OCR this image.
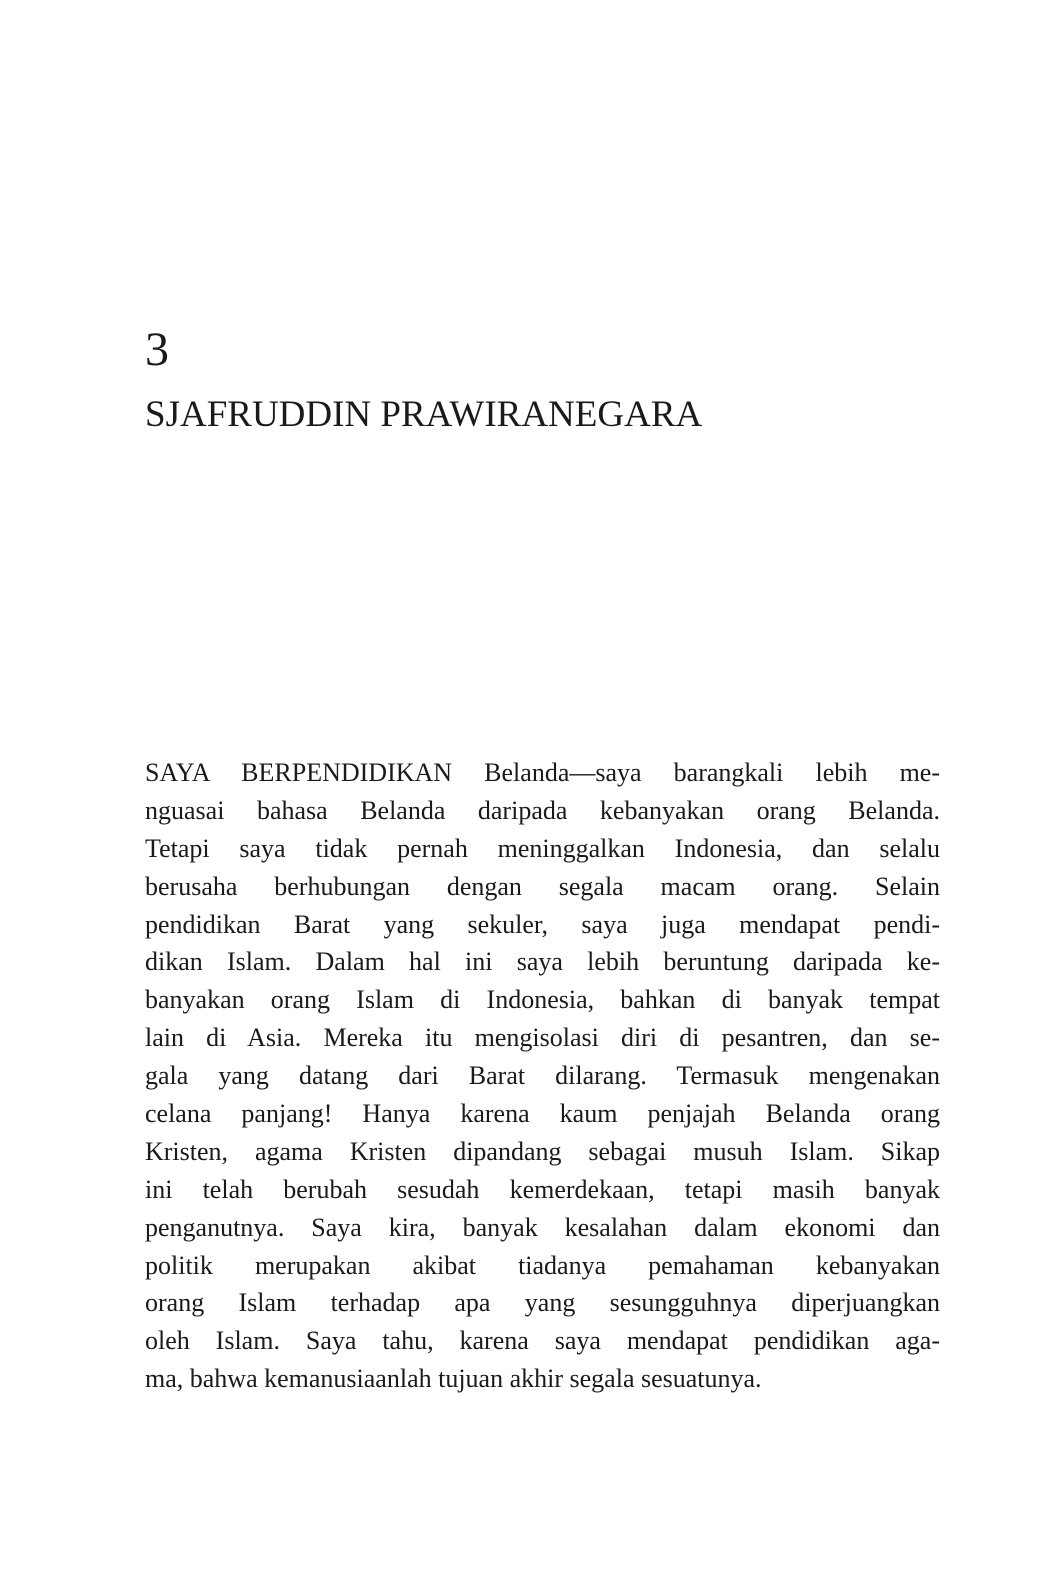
3
SJAFRUDDIN PRAWIRANEGARA
SAYA BERPENDIDIKAN Belanda—saya barangkali lebih me-
nguasai bahasa Belanda daripada kebanyakan orang Belanda.
Tetapi saya tidak pernah meninggalkan Indonesia, dan selalu
berusaha berhubungan dengan segala macam orang. Selain
pendidikan Barat yang sekuler, saya juga mendapat pendi-
dikan Islam. Dalam hal ini saya lebih beruntung daripada ke-
banyakan orang Islam di Indonesia, bahkan di banyak tempat
lain di Asia. Mereka itu mengisolasi diri di pesantren, dan se-
gala yang datang dari Barat dilarang. Termasuk mengenakan
celana panjang! Hanya karena kaum penjajah Belanda orang
Kristen, agama Kristen dipandang sebagai musuh Islam. Sikap
ini telah berubah sesudah kemerdekaan, tetapi masih banyak
penganutnya. Saya kira, banyak kesalahan dalam ekonomi dan
politik merupakan akibat tiadanya pemahaman kebanyakan
orang Islam terhadap apa yang sesungguhnya diperjuangkan
oleh Islam. Saya tahu, karena saya mendapat pendidikan aga-
ma, bahwa kemanusiaanlah tujuan akhir segala sesuatunya.
